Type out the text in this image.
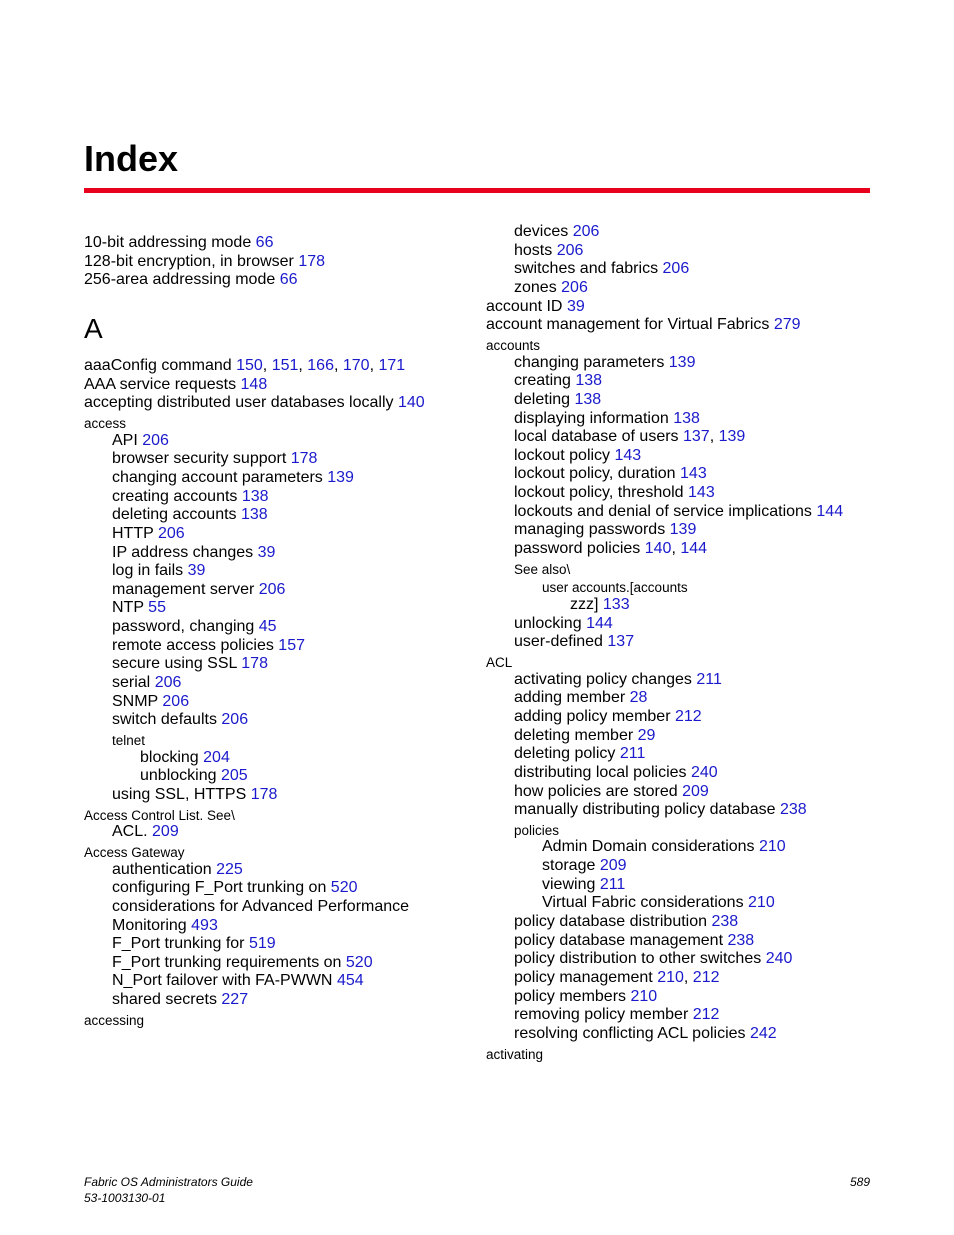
Index
A
10-bit addressing mode 66
128-bit encryption, in browser 178
256-area addressing mode 66
aaaConfig command 150, 151, 166, 170, 171
AAA service requests 148
accepting distributed user databases locally 140
access
API 206
browser security support 178
changing account parameters 139
creating accounts 138
deleting accounts 138
HTTP 206
IP address changes 39
log in fails 39
management server 206
NTP 55
password, changing 45
remote access policies 157
secure using SSL 178
serial 206
SNMP 206
switch defaults 206
telnet
blocking 204
unblocking 205
using SSL, HTTPS 178
Access Control List. See\
ACL. 209
Access Gateway
authentication 225
configuring F_Port trunking on 520
considerations for Advanced Performance
Monitoring 493
F_Port trunking for 519
F_Port trunking requirements on 520
N_Port failover with FA-PWWN 454
shared secrets 227
accessing
devices 206
hosts 206
switches and fabrics 206
zones 206
account ID 39
account management for Virtual Fabrics 279
accounts
changing parameters 139
creating 138
deleting 138
displaying information 138
local database of users 137, 139
lockout policy 143
lockout policy, duration 143
lockout policy, threshold 143
lockouts and denial of service implications 144
managing passwords 139
password policies 140, 144
See also\
user accounts.[accounts
zzz] 133
unlocking 144
user-defined 137
ACL
activating policy changes 211
adding member 28
adding policy member 212
deleting member 29
deleting policy 211
distributing local policies 240
how policies are stored 209
manually distributing policy database 238
policies
Admin Domain considerations 210
storage 209
viewing 211
Virtual Fabric considerations 210
policy database distribution 238
policy database management 238
policy distribution to other switches 240
policy management 210, 212
policy members 210
removing policy member 212
resolving conflicting ACL policies 242
activating
Fabric OS Administrators Guide
53-1003130-01
589
